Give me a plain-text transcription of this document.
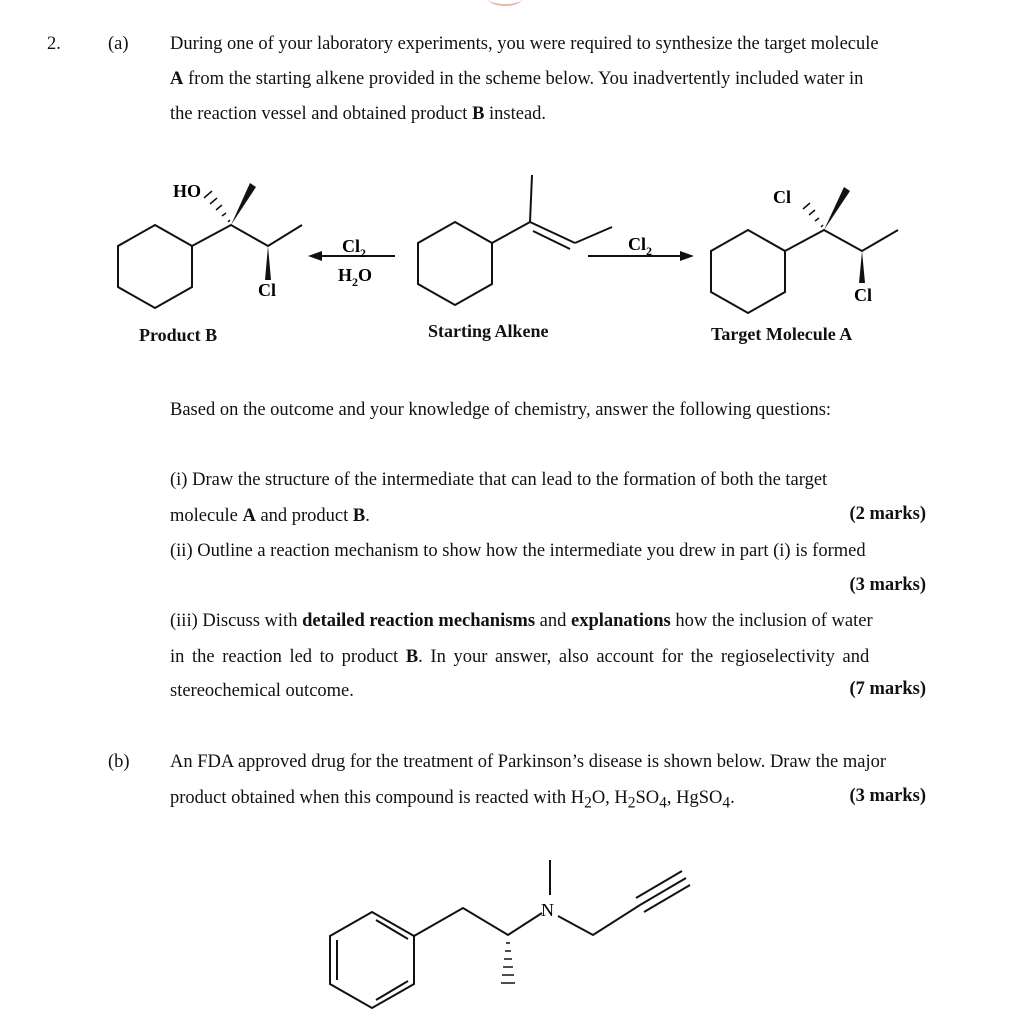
2.	(a) During one of your laboratory experiments, you were required to synthesize the target molecule
A from the starting alkene provided in the scheme below. You inadvertently included water in
the reaction vessel and obtained product B instead.
HO
Cl
Cl
Cl
$Cl_2$
$H_2O$
$Cl_2$
N
Product B	Starting Alkene	Target Molecule A
Based on the outcome and your knowledge of chemistry, answer the following questions:
(i) Draw the structure of the intermediate that can lead to the formation of both the target
molecule A and product B.	(2 marks)
(ii) Outline a reaction mechanism to show how the intermediate you drew in part (i) is formed
(3 marks)
(iii) Discuss with detailed reaction mechanisms and explanations how the inclusion of water
in the reaction led to product B. In your answer, also account for the regioselectivity and
stereochemical outcome.	(7 marks)
(b) An FDA approved drug for the treatment of Parkinson’s disease is shown below. Draw the major
product obtained when this compound is reacted with $H_2O$, $H_2SO_4$, HgSO$_4$.	(3 marks)
